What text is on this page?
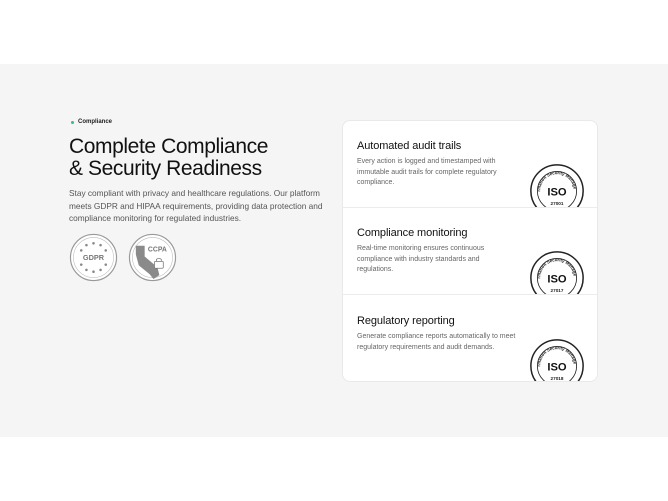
Compliance
Complete Compliance
& Security Readiness

Stay compliant with privacy and healthcare regulations. Our platform meets GDPR and HIPAA requirements, providing data protection and compliance monitoring for regulated industries.

GDPR
CCPA
Automated audit trails
Every action is logged and timestamped with immutable audit trails for complete regulatory compliance.
rmation Security Manage
ISO
27001
Compliance monitoring
Real-time monitoring ensures continuous compliance with industry standards and regulations.
rmation Security Manage
ISO
27017
Regulatory reporting
Generate compliance reports automatically to meet regulatory requirements and audit demands.
rmation Security Manage
ISO
27018
